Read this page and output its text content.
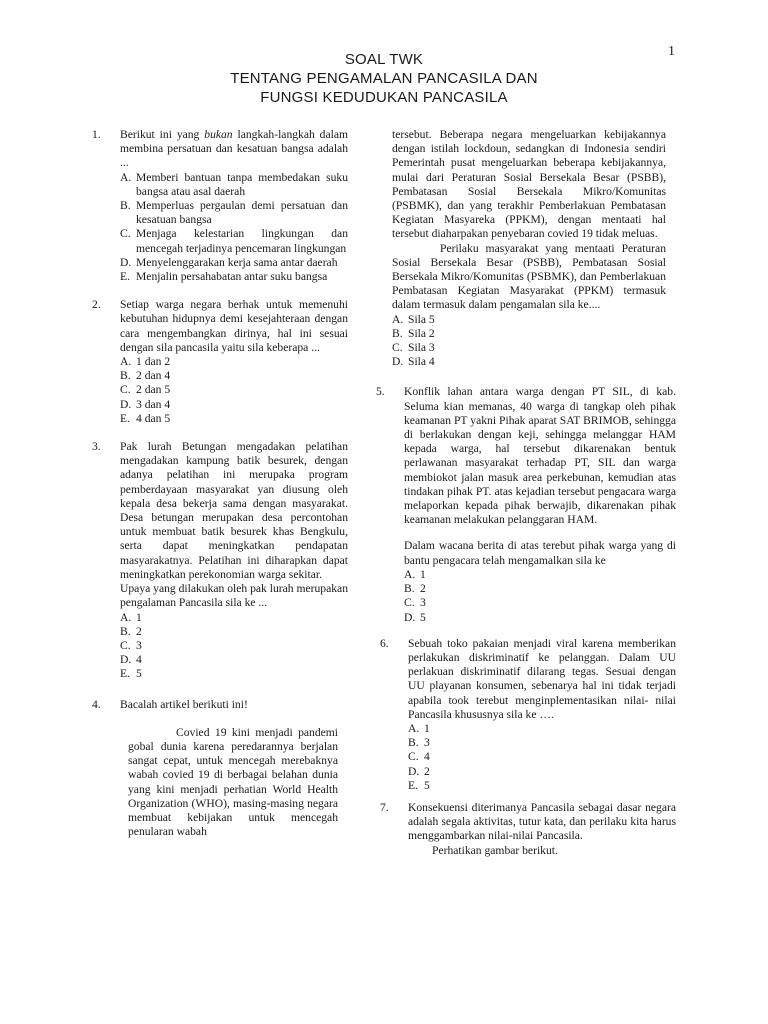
1
SOAL TWK
TENTANG PENGAMALAN PANCASILA DAN
FUNGSI KEDUDUKAN PANCASILA
1. Berikut ini yang bukan langkah-langkah dalam membina persatuan dan kesatuan bangsa adalah ...
A. Memberi bantuan tanpa membedakan suku bangsa atau asal daerah
B. Memperluas pergaulan demi persatuan dan kesatuan bangsa
C. Menjaga kelestarian lingkungan dan mencegah terjadinya pencemaran lingkungan
D. Menyelenggarakan kerja sama antar daerah
E. Menjalin persahabatan antar suku bangsa
2. Setiap warga negara berhak untuk memenuhi kebutuhan hidupnya demi kesejahteraan dengan cara mengembangkan dirinya, hal ini sesuai dengan sila pancasila yaitu sila keberapa ...
A. 1 dan 2
B. 2 dan 4
C. 2 dan 5
D. 3 dan 4
E. 4 dan 5
3. Pak lurah Betungan mengadakan pelatihan mengadakan kampung batik besurek, dengan adanya pelatihan ini merupaka program pemberdayaan masyarakat yan diusung oleh kepala desa bekerja sama dengan masyarakat. Desa betungan merupakan desa percontohan untuk membuat batik besurek khas Bengkulu, serta dapat meningkatkan pendapatan masyarakatnya. Pelatihan ini diharapkan dapat meningkatkan perekonomian warga sekitar.
Upaya yang dilakukan oleh pak lurah merupakan pengalaman Pancasila sila ke ...
A. 1
B. 2
C. 3
D. 4
E. 5
4. Bacalah artikel berikuti ini!
Covied 19 kini menjadi pandemi gobal dunia karena peredarannya berjalan sangat cepat, untuk mencegah merebaknya wabah covied 19 di berbagai belahan dunia yang kini menjadi perhatian World Health Organization (WHO), masing-masing negara membuat kebijakan untuk mencegah penularan wabah
tersebut. Beberapa negara mengeluarkan kebijakannya dengan istilah lockdoun, sedangkan di Indonesia sendiri Pemerintah pusat mengeluarkan beberapa kebijakannya, mulai dari Peraturan Sosial Bersekala Besar (PSBB), Pembatasan Sosial Bersekala Mikro/Komunitas (PSBMK), dan yang terakhir Pemberlakuan Pembatasan Kegiatan Masyareka (PPKM), dengan mentaati hal tersebut diaharpakan penyebaran covied 19 tidak meluas.
Perilaku masyarakat yang mentaati Peraturan Sosial Bersekala Besar (PSBB), Pembatasan Sosial Bersekala Mikro/Komunitas (PSBMK), dan Pemberlakuan Pembatasan Kegiatan Masyarakat (PPKM) termasuk dalam termasuk dalam pengamalan sila ke....
A. Sila 5
B. Sila 2
C. Sila 3
D. Sila 4
5. Konflik lahan antara warga dengan PT SIL, di kab. Seluma kian memanas, 40 warga di tangkap oleh pihak keamanan PT yakni Pihak aparat SAT BRIMOB, sehingga di berlakukan dengan keji, sehingga melanggar HAM kepada warga, hal tersebut dikarenakan bentuk perlawanan masyarakat terhadap PT, SIL dan warga membiokot jalan masuk area perkebunan, kemudian atas tindakan pihak PT. atas kejadian tersebut pengacara warga melaporkan kepada pihak berwajib, dikarenakan pihak keamanan melakukan pelanggaran HAM.
Dalam wacana berita di atas terebut pihak warga yang di bantu pengacara telah mengamalkan sila ke
A. 1
B. 2
C. 3
D. 5
6. Sebuah toko pakaian menjadi viral karena memberikan perlakukan diskriminatif ke pelanggan. Dalam UU perlakuan diskriminatif dilarang tegas. Sesuai dengan UU playanan konsumen, sebenarya hal ini tidak terjadi apabila took terebut menginplementasikan nilai- nilai Pancasila khususnya sila ke ….
A. 1
B. 3
C. 4
D. 2
E. 5
7. Konsekuensi diterimanya Pancasila sebagai dasar negara adalah segala aktivitas, tutur kata, dan perilaku kita harus menggambarkan nilai-nilai Pancasila.
Perhatikan gambar berikut.
